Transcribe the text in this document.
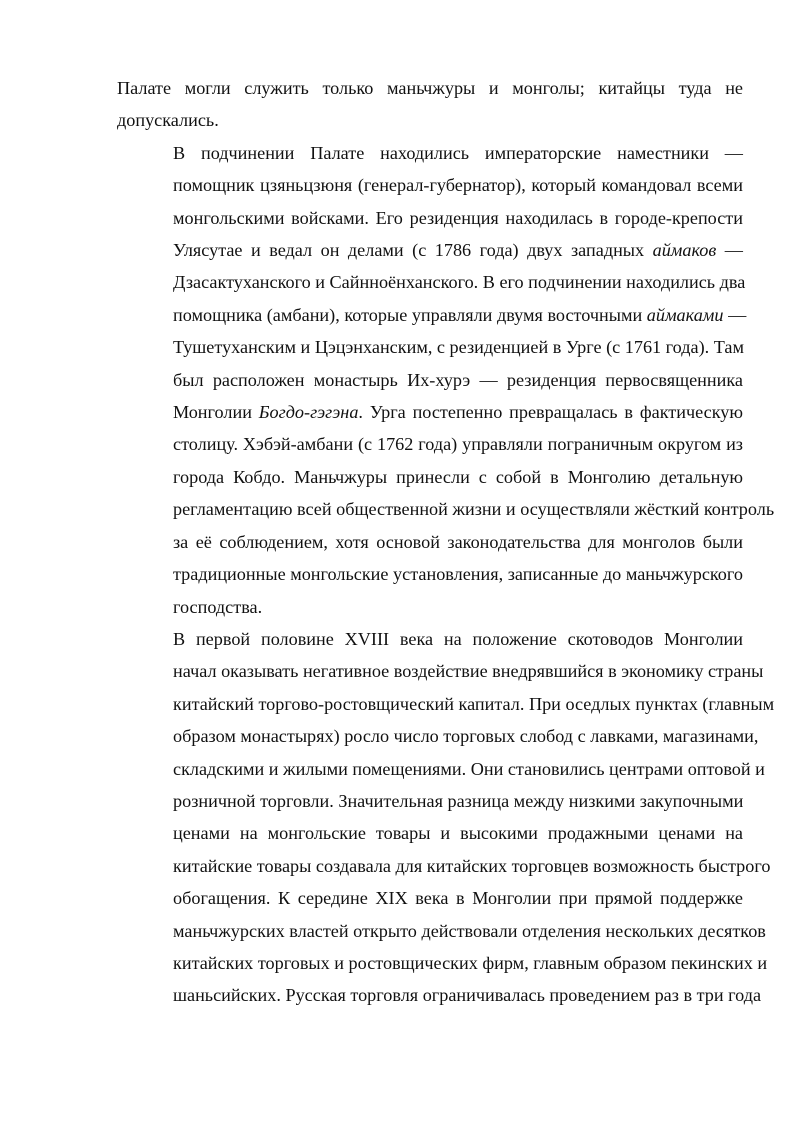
Палате могли служить только маньчжуры и монголы; китайцы туда не
допускались.
В подчинении Палате находились императорские наместники —
помощник цзяньцзюня (генерал-губернатор), который командовал всеми
монгольскими войсками. Его резиденция находилась в городе-крепости
Улясутае и ведал он делами (с 1786 года) двух западных аймаков —
Дзасактуханского и Сайнноёнханского. В его подчинении находились два
помощника (амбани), которые управляли двумя восточными аймаками —
Тушетуханским и Цэцэнханским, с резиденцией в Урге (с 1761 года). Там
был расположен монастырь Их-хурэ — резиденция первосвященника
Монголии Богдо-гэгэна. Урга постепенно превращалась в фактическую
столицу. Хэбэй-амбани (с 1762 года) управляли пограничным округом из
города Кобдо. Маньчжуры принесли с собой в Монголию детальную
регламентацию всей общественной жизни и осуществляли жёсткий контроль
за её соблюдением, хотя основой законодательства для монголов были
традиционные монгольские установления, записанные до маньчжурского
господства.
В первой половине XVIII века на положение скотоводов Монголии
начал оказывать негативное воздействие внедрявшийся в экономику страны
китайский торгово-ростовщический капитал. При оседлых пунктах (главным
образом монастырях) росло число торговых слобод с лавками, магазинами,
складскими и жилыми помещениями. Они становились центрами оптовой и
розничной торговли. Значительная разница между низкими закупочными
ценами на монгольские товары и высокими продажными ценами на
китайские товары создавала для китайских торговцев возможность быстрого
обогащения. К середине XIX века в Монголии при прямой поддержке
маньчжурских властей открыто действовали отделения нескольких десятков
китайских торговых и ростовщических фирм, главным образом пекинских и
шаньсийских. Русская торговля ограничивалась проведением раз в три года
